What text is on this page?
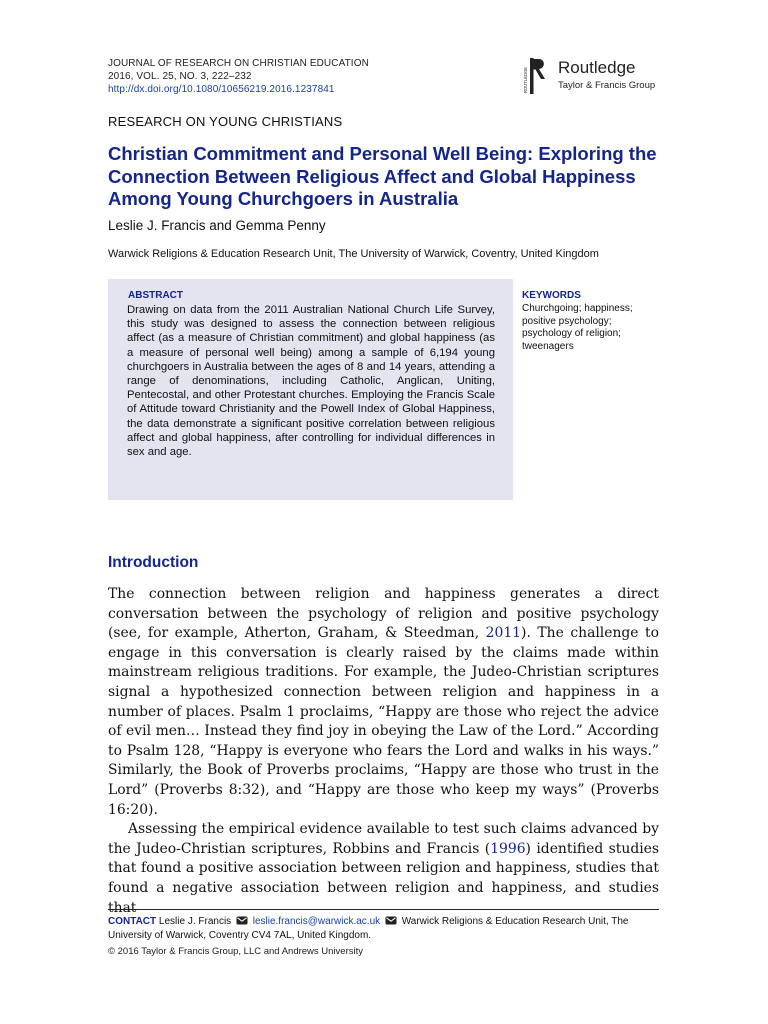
JOURNAL OF RESEARCH ON CHRISTIAN EDUCATION
2016, VOL. 25, NO. 3, 222–232
http://dx.doi.org/10.1080/10656219.2016.1237841	ROUTLEDGE Routledge
Taylor & Francis Group
RESEARCH ON YOUNG CHRISTIANS
Christian Commitment and Personal Well Being: Exploring the Connection Between Religious Affect and Global Happiness Among Young Churchgoers in Australia
Leslie J. Francis and Gemma Penny
Warwick Religions & Education Research Unit, The University of Warwick, Coventry, United Kingdom
ABSTRACT
Drawing on data from the 2011 Australian National Church Life Survey, this study was designed to assess the connection between religious affect (as a measure of Christian commitment) and global happiness (as a measure of personal well being) among a sample of 6,194 young churchgoers in Australia between the ages of 8 and 14 years, attending a range of denominations, including Catholic, Anglican, Uniting, Pentecostal, and other Protestant churches. Employing the Francis Scale of Attitude toward Christianity and the Powell Index of Global Happiness, the data demonstrate a significant positive correlation between religious affect and global happiness, after controlling for individual differences in sex and age.
KEYWORDS
Churchgoing; happiness;
positive psychology;
psychology of religion;
tweenagers
Introduction

The connection between religion and happiness generates a direct conversation between the psychology of religion and positive psychology (see, for example, Atherton, Graham, & Steedman, 2011). The challenge to engage in this conversation is clearly raised by the claims made within mainstream religious traditions. For example, the Judeo-Christian scriptures signal a hypothesized connection between religion and happiness in a number of places. Psalm 1 proclaims, “Happy are those who reject the advice of evil men… Instead they find joy in obeying the Law of the Lord.” According to Psalm 128, “Happy is everyone who fears the Lord and walks in his ways.” Similarly, the Book of Proverbs proclaims, “Happy are those who trust in the Lord” (Proverbs 8:32), and “Happy are those who keep my ways” (Proverbs 16:20).

Assessing the empirical evidence available to test such claims advanced by the Judeo-Christian scriptures, Robbins and Francis (1996) identified studies that found a positive association between religion and happiness, studies that found a negative association between religion and happiness, and studies that

CONTACT Leslie J. Francis leslie.francis@warwick.ac.uk Warwick Religions & Education Research Unit, The University of Warwick, Coventry CV4 7AL, United Kingdom.
© 2016 Taylor & Francis Group, LLC and Andrews University
